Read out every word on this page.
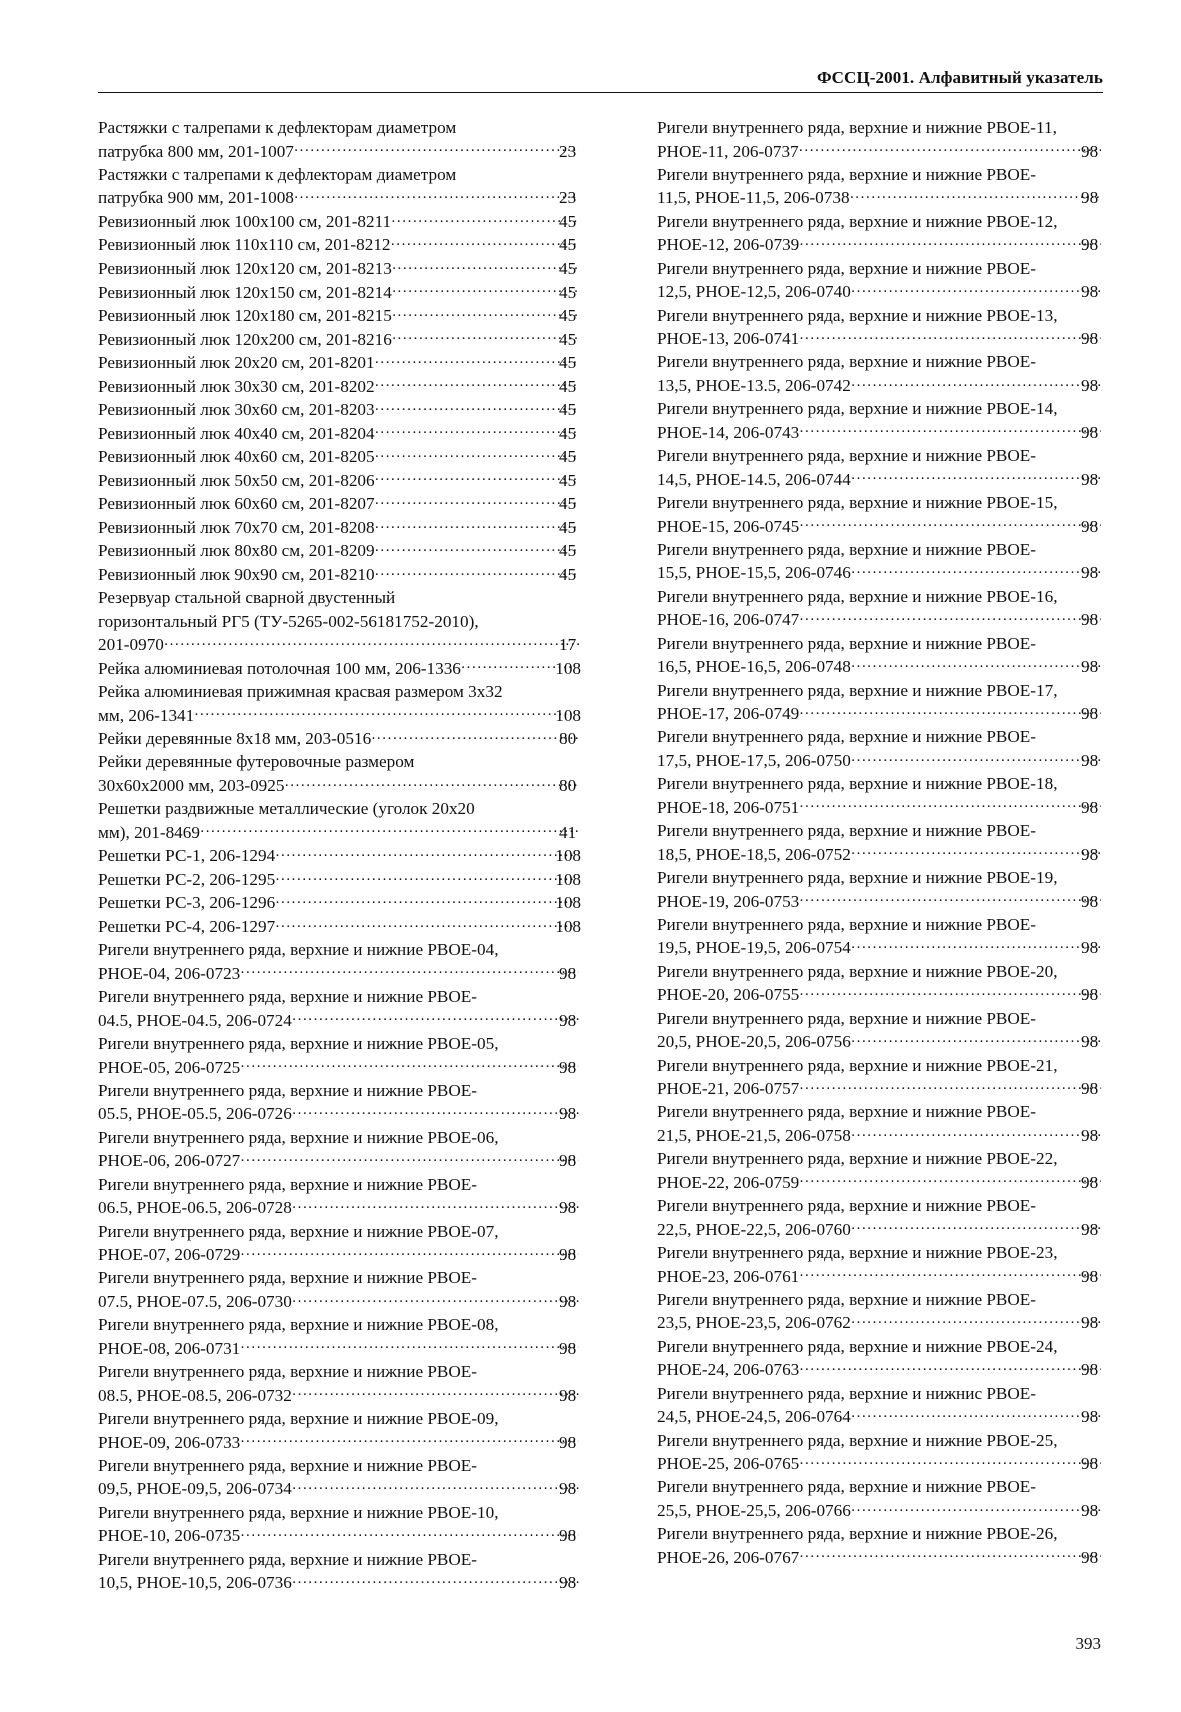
ФССЦ-2001. Алфавитный указатель
Растяжки с талрепами к дефлекторам диаметром
патрубка 800 мм, 201-1007 .....	23
Растяжки с талрепами к дефлекторам диаметром
патрубка 900 мм, 201-1008 .....	23
Ревизионный люк 100х100 см, 201-8211 .....	45
Ревизионный люк 110х110 см, 201-8212 .....	45
Ревизионный люк 120х120 см, 201-8213 .....	45
Ревизионный люк 120х150 см, 201-8214 .....	45
Ревизионный люк 120х180 см, 201-8215 .....	45
Ревизионный люк 120х200 см, 201-8216 .....	45
Ревизионный люк 20х20 см, 201-8201 .....	45
Ревизионный люк 30х30 см, 201-8202 .....	45
Ревизионный люк 30х60 см, 201-8203 .....	45
Ревизионный люк 40х40 см, 201-8204 .....	45
Ревизионный люк 40х60 см, 201-8205 .....	45
Ревизионный люк 50х50 см, 201-8206 .....	45
Ревизионный люк 60х60 см, 201-8207 .....	45
Ревизионный люк 70х70 см, 201-8208 .....	45
Ревизионный люк 80х80 см, 201-8209 .....	45
Ревизионный люк 90х90 см, 201-8210 .....	45
Резервуар стальной сварной двустенный
горизонтальный РГ5 (ТУ-5265-002-56181752-2010),
201-0970 .....	17
Рейка алюминиевая потолочная 100 мм, 206-1336 .....	108
Рейка алюминиевая прижимная красвая размером 3х32
мм, 206-1341 .....	108
Рейки деревянные 8х18 мм, 203-0516 .....	80
Рейки деревянные футеровочные размером
30х60х2000 мм, 203-0925 .....	80
Решетки раздвижные металлические (уголок 20х20
мм), 201-8469 .....	41
Решетки РС-1, 206-1294 .....	108
Решетки РС-2, 206-1295 .....	108
Решетки РС-3, 206-1296 .....	108
Решетки РС-4, 206-1297 .....	108
Ригели внутреннего ряда, верхние и нижние РВОЕ-04,
РНОЕ-04, 206-0723 .....	98
Ригели внутреннего ряда, верхние и нижние РВОЕ-
04.5, РНОЕ-04.5, 206-0724 .....	98
Ригели внутреннего ряда, верхние и нижние РВОЕ-05,
РНОЕ-05, 206-0725 .....	98
Ригели внутреннего ряда, верхние и нижние РВОЕ-
05.5, РНОЕ-05.5, 206-0726 .....	98
Ригели внутреннего ряда, верхние и нижние РВОЕ-06,
РНОЕ-06, 206-0727 .....	98
Ригели внутреннего ряда, верхние и нижние РВОЕ-
06.5, РНОЕ-06.5, 206-0728 .....	98
Ригели внутреннего ряда, верхние и нижние РВОЕ-07,
РНОЕ-07, 206-0729 .....	98
Ригели внутреннего ряда, верхние и нижние РВОЕ-
07.5, РНОЕ-07.5, 206-0730 .....	98
Ригели внутреннего ряда, верхние и нижние РВОЕ-08,
РНОЕ-08, 206-0731 .....	98
Ригели внутреннего ряда, верхние и нижние РВОЕ-
08.5, РНОЕ-08.5, 206-0732 .....	98
Ригели внутреннего ряда, верхние и нижние РВОЕ-09,
РНОЕ-09, 206-0733 .....	98
Ригели внутреннего ряда, верхние и нижние РВОЕ-
09,5, РНОЕ-09,5, 206-0734 .....	98
Ригели внутреннего ряда, верхние и нижние РВОЕ-10,
РНОЕ-10, 206-0735 .....	98
Ригели внутреннего ряда, верхние и нижние РВОЕ-
10,5, РНОЕ-10,5, 206-0736 .....	98
Ригели внутреннего ряда, верхние и нижние РВОЕ-11,
РНОЕ-11, 206-0737 .....	98
Ригели внутреннего ряда, верхние и нижние РВОЕ-
11,5, РНОЕ-11,5, 206-0738 .....	98
Ригели внутреннего ряда, верхние и нижние РВОЕ-12,
РНОЕ-12, 206-0739 .....	98
Ригели внутреннего ряда, верхние и нижние РВОЕ-
12,5, РНОЕ-12,5, 206-0740 .....	98
Ригели внутреннего ряда, верхние и нижние РВОЕ-13,
РНОЕ-13, 206-0741 .....	98
Ригели внутреннего ряда, верхние и нижние РВОЕ-
13,5, РНОЕ-13.5, 206-0742 .....	98
Ригели внутреннего ряда, верхние и нижние РВОЕ-14,
РНОЕ-14, 206-0743 .....	98
Ригели внутреннего ряда, верхние и нижние РВОЕ-
14,5, РНОЕ-14.5, 206-0744 .....	98
Ригели внутреннего ряда, верхние и нижние РВОЕ-15,
РНОЕ-15, 206-0745 .....	98
Ригели внутреннего ряда, верхние и нижние РВОЕ-
15,5, РНОЕ-15,5, 206-0746 .....	98
Ригели внутреннего ряда, верхние и нижние РВОЕ-16,
РНОЕ-16, 206-0747 .....	98
Ригели внутреннего ряда, верхние и нижние РВОЕ-
16,5, РНОЕ-16,5, 206-0748 .....	98
Ригели внутреннего ряда, верхние и нижние РВОЕ-17,
РНОЕ-17, 206-0749 .....	98
Ригели внутреннего ряда, верхние и нижние РВОЕ-
17,5, РНОЕ-17,5, 206-0750 .....	98
Ригели внутреннего ряда, верхние и нижние РВОЕ-18,
РНОЕ-18, 206-0751 .....	98
Ригели внутреннего ряда, верхние и нижние РВОЕ-
18,5, РНОЕ-18,5, 206-0752 .....	98
Ригели внутреннего ряда, верхние и нижние РВОЕ-19,
РНОЕ-19, 206-0753 .....	98
Ригели внутреннего ряда, верхние и нижние РВОЕ-
19,5, РНОЕ-19,5, 206-0754 .....	98
Ригели внутреннего ряда, верхние и нижние РВОЕ-20,
РНОЕ-20, 206-0755 .....	98
Ригели внутреннего ряда, верхние и нижние РВОЕ-
20,5, РНОЕ-20,5, 206-0756 .....	98
Ригели внутреннего ряда, верхние и нижние РВОЕ-21,
РНОЕ-21, 206-0757 .....	98
Ригели внутреннего ряда, верхние и нижние РВОЕ-
21,5, РНОЕ-21,5, 206-0758 .....	98
Ригели внутреннего ряда, верхние и нижние РВОЕ-22,
РНОЕ-22, 206-0759 .....	98
Ригели внутреннего ряда, верхние и нижние РВОЕ-
22,5, РНОЕ-22,5, 206-0760 .....	98
Ригели внутреннего ряда, верхние и нижние РВОЕ-23,
РНОЕ-23, 206-0761 .....	98
Ригели внутреннего ряда, верхние и нижние РВОЕ-
23,5, РНОЕ-23,5, 206-0762 .....	98
Ригели внутреннего ряда, верхние и нижние РВОЕ-24,
РНОЕ-24, 206-0763 .....	98
Ригели внутреннего ряда, верхние и нижнис РВОЕ-
24,5, РНОЕ-24,5, 206-0764 .....	98
Ригели внутреннего ряда, верхние и нижние РВОЕ-25,
РНОЕ-25, 206-0765 .....	98
Ригели внутреннего ряда, верхние и нижние РВОЕ-
25,5, РНОЕ-25,5, 206-0766 .....	98
Ригели внутреннего ряда, верхние и нижние РВОЕ-26,
РНОЕ-26, 206-0767 .....	98
393
